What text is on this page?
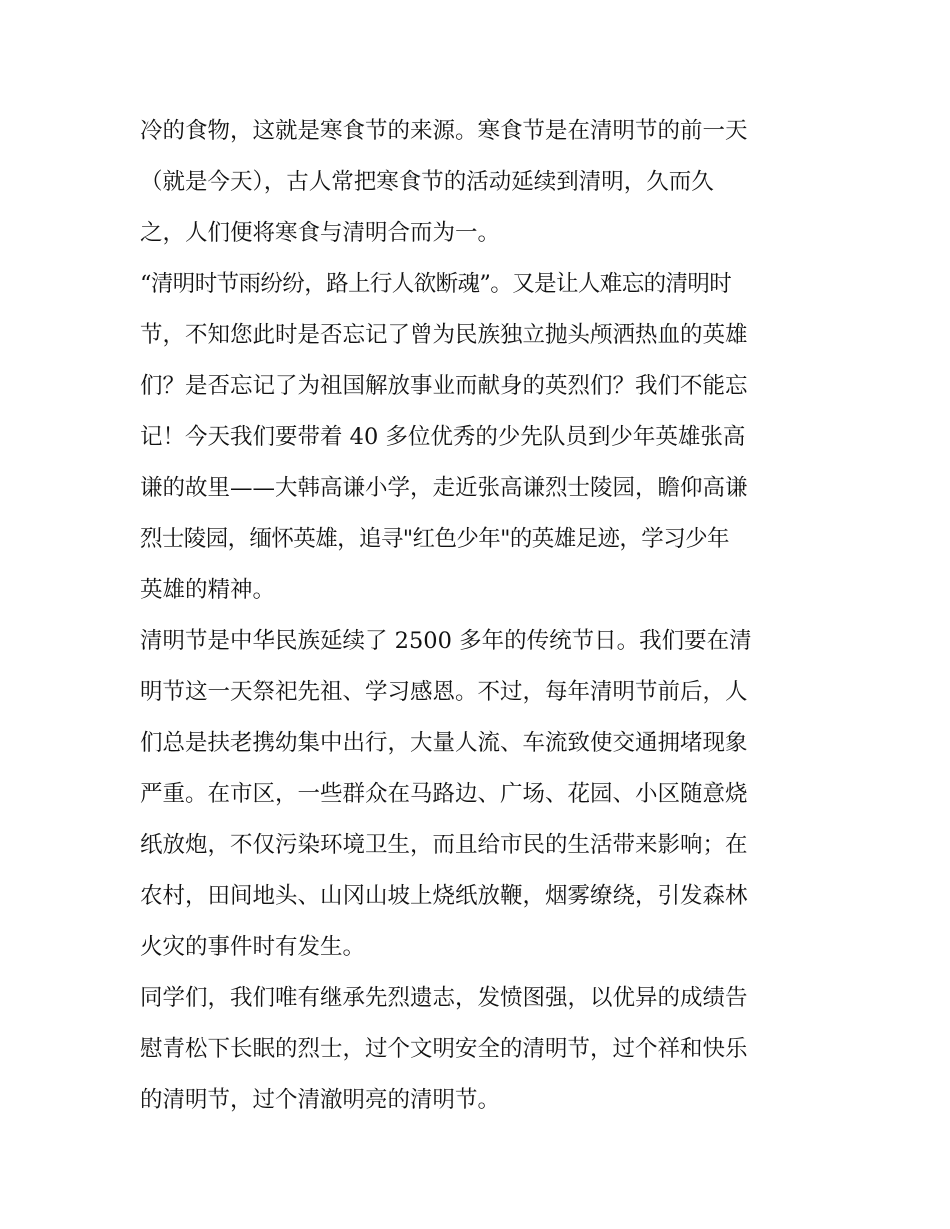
冷的食物，这就是寒食节的来源。寒食节是在清明节的前一天
（就是今天），古人常把寒食节的活动延续到清明，久而久
之，人们便将寒食与清明合而为一。
“清明时节雨纷纷，路上行人欲断魂”。又是让人难忘的清明时
节，不知您此时是否忘记了曾为民族独立抛头颅洒热血的英雄
们？是否忘记了为祖国解放事业而献身的英烈们？我们不能忘
记！今天我们要带着 40 多位优秀的少先队员到少年英雄张高
谦的故里——大韩高谦小学，走近张高谦烈士陵园，瞻仰高谦
烈士陵园，缅怀英雄，追寻"红色少年"的英雄足迹，学习少年
英雄的精神。
清明节是中华民族延续了 2500 多年的传统节日。我们要在清
明节这一天祭祀先祖、学习感恩。不过，每年清明节前后，人
们总是扶老携幼集中出行，大量人流、车流致使交通拥堵现象
严重。在市区，一些群众在马路边、广场、花园、小区随意烧
纸放炮，不仅污染环境卫生，而且给市民的生活带来影响；在
农村，田间地头、山冈山坡上烧纸放鞭，烟雾缭绕，引发森林
火灾的事件时有发生。
同学们，我们唯有继承先烈遗志，发愤图强，以优异的成绩告
慰青松下长眠的烈士，过个文明安全的清明节，过个祥和快乐
的清明节，过个清澈明亮的清明节。
